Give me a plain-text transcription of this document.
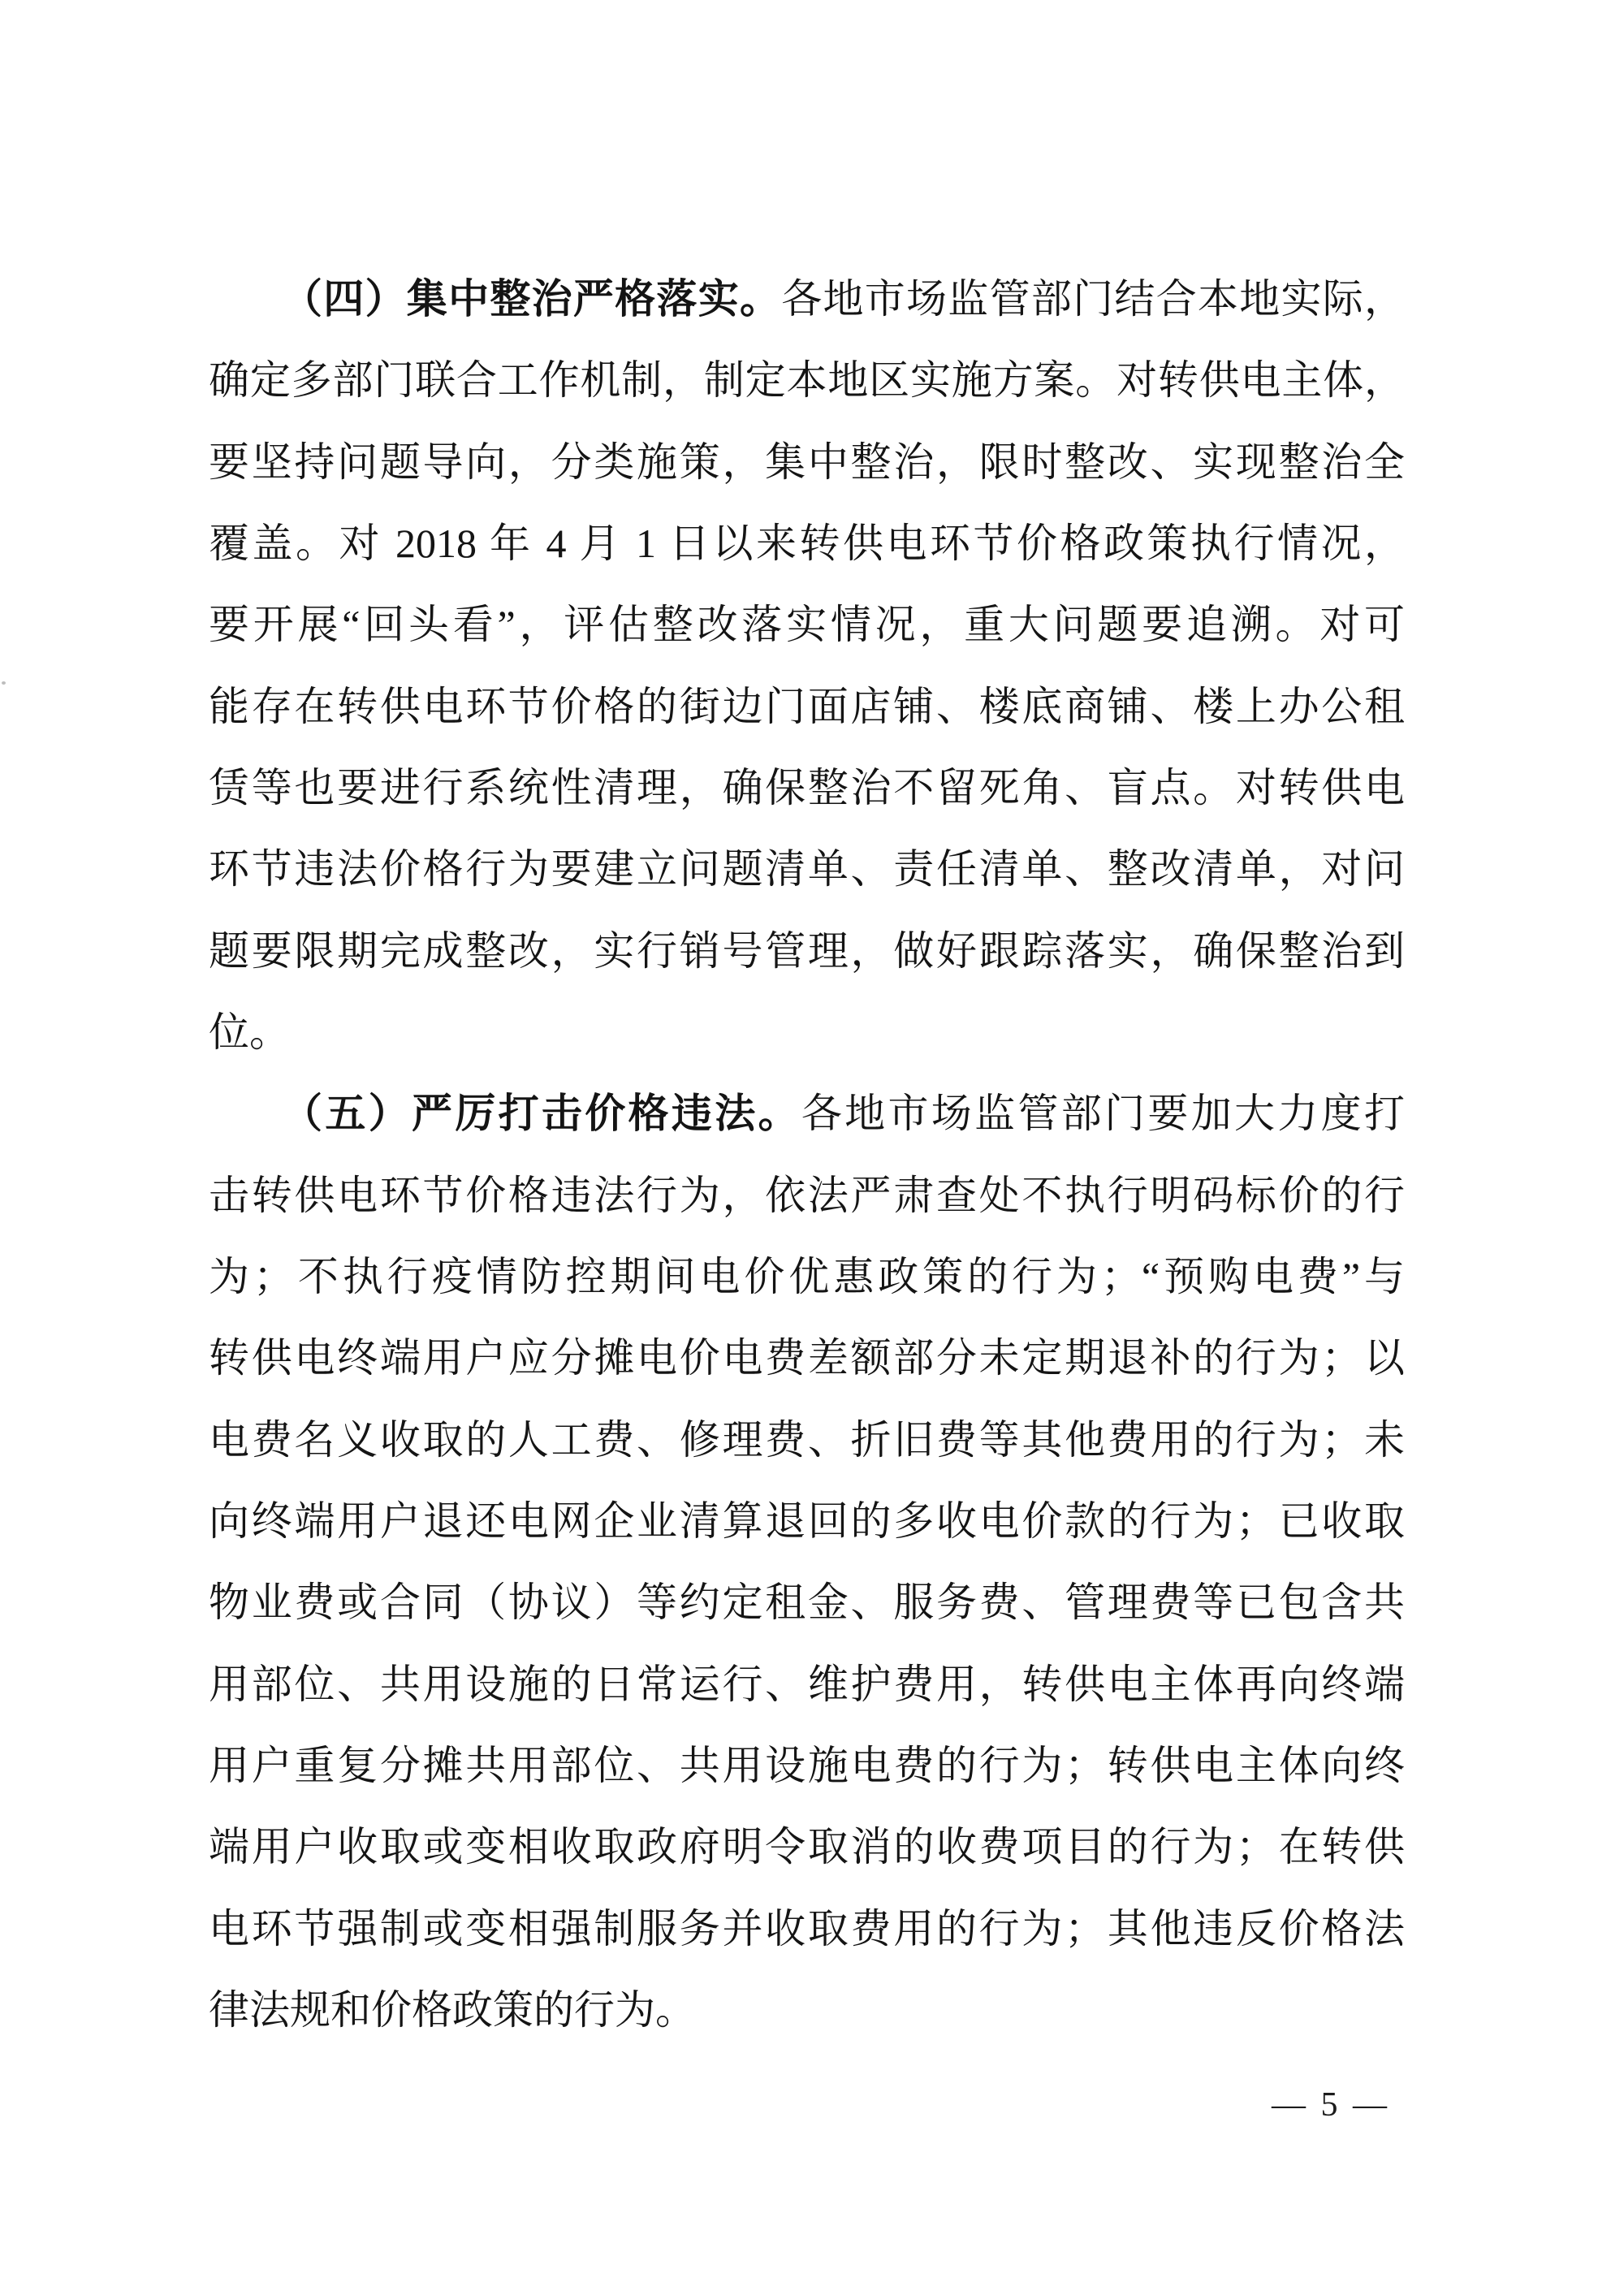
（四）集中整治严格落实。各地市场监管部门结合本地实际，
确定多部门联合工作机制，制定本地区实施方案。对转供电主体，
要坚持问题导向，分类施策，集中整治，限时整改、实现整治全
覆盖。对 2018 年 4 月 1 日以来转供电环节价格政策执行情况，
要开展“回头看”，评估整改落实情况，重大问题要追溯。对可
能存在转供电环节价格的街边门面店铺、楼底商铺、楼上办公租
赁等也要进行系统性清理，确保整治不留死角、盲点。对转供电
环节违法价格行为要建立问题清单、责任清单、整改清单，对问
题要限期完成整改，实行销号管理，做好跟踪落实，确保整治到
位。
（五）严厉打击价格违法。各地市场监管部门要加大力度打
击转供电环节价格违法行为，依法严肃查处不执行明码标价的行
为；不执行疫情防控期间电价优惠政策的行为；“预购电费”与
转供电终端用户应分摊电价电费差额部分未定期退补的行为；以
电费名义收取的人工费、修理费、折旧费等其他费用的行为；未
向终端用户退还电网企业清算退回的多收电价款的行为；已收取
物业费或合同（协议）等约定租金、服务费、管理费等已包含共
用部位、共用设施的日常运行、维护费用，转供电主体再向终端
用户重复分摊共用部位、共用设施电费的行为；转供电主体向终
端用户收取或变相收取政府明令取消的收费项目的行为；在转供
电环节强制或变相强制服务并收取费用的行为；其他违反价格法
律法规和价格政策的行为。
— 5 —
